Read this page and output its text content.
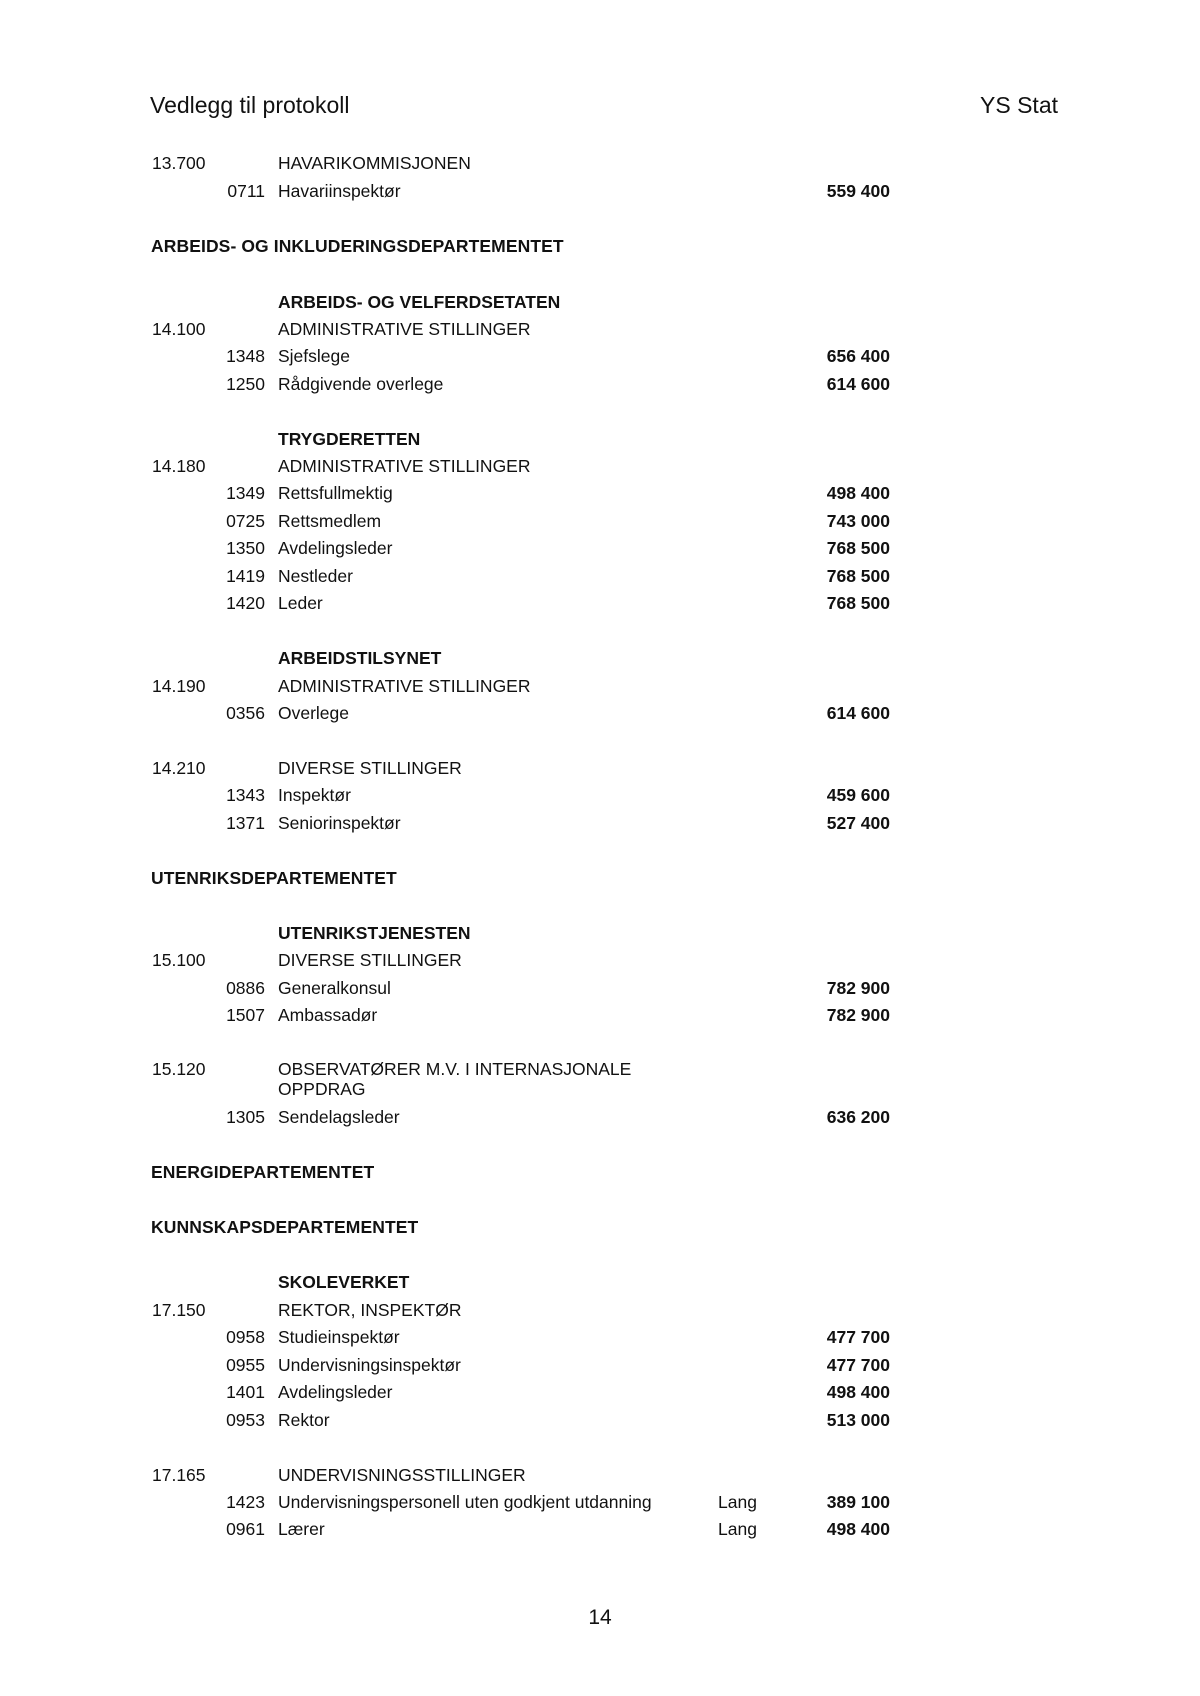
Vedlegg til protokoll	YS Stat
13.700	HAVARIKOMMISJONEN
0711 Havariinspektør	559 400
ARBEIDS- OG INKLUDERINGSDEPARTEMENTET
ARBEIDS- OG VELFERDSETATEN
14.100	ADMINISTRATIVE STILLINGER
1348 Sjefslege	656 400
1250 Rådgivende overlege	614 600
TRYGDERETTEN
14.180	ADMINISTRATIVE STILLINGER
1349 Rettsfullmektig	498 400
0725 Rettsmedlem	743 000
1350 Avdelingsleder	768 500
1419 Nestleder	768 500
1420 Leder	768 500
ARBEIDSTILSYNET
14.190	ADMINISTRATIVE STILLINGER
0356 Overlege	614 600
14.210	DIVERSE STILLINGER
1343 Inspektør	459 600
1371 Seniorinspektør	527 400
UTENRIKSDEPARTEMENTET
UTENRIKSTJENESTEN
15.100	DIVERSE STILLINGER
0886 Generalkonsul	782 900
1507 Ambassadør	782 900
15.120	OBSERVATØRER M.V. I INTERNASJONALE OPPDRAG
1305 Sendelagsleder	636 200
ENERGIDEPARTEMENTET
KUNNSKAPSDEPARTEMENTET
SKOLEVERKET
17.150	REKTOR, INSPEKTØR
0958 Studieinspektør	477 700
0955 Undervisningsinspektør	477 700
1401 Avdelingsleder	498 400
0953 Rektor	513 000
17.165	UNDERVISNINGSSTILLINGER
1423 Undervisningspersonell uten godkjent utdanning	Lang	389 100
0961 Lærer	Lang	498 400
14
